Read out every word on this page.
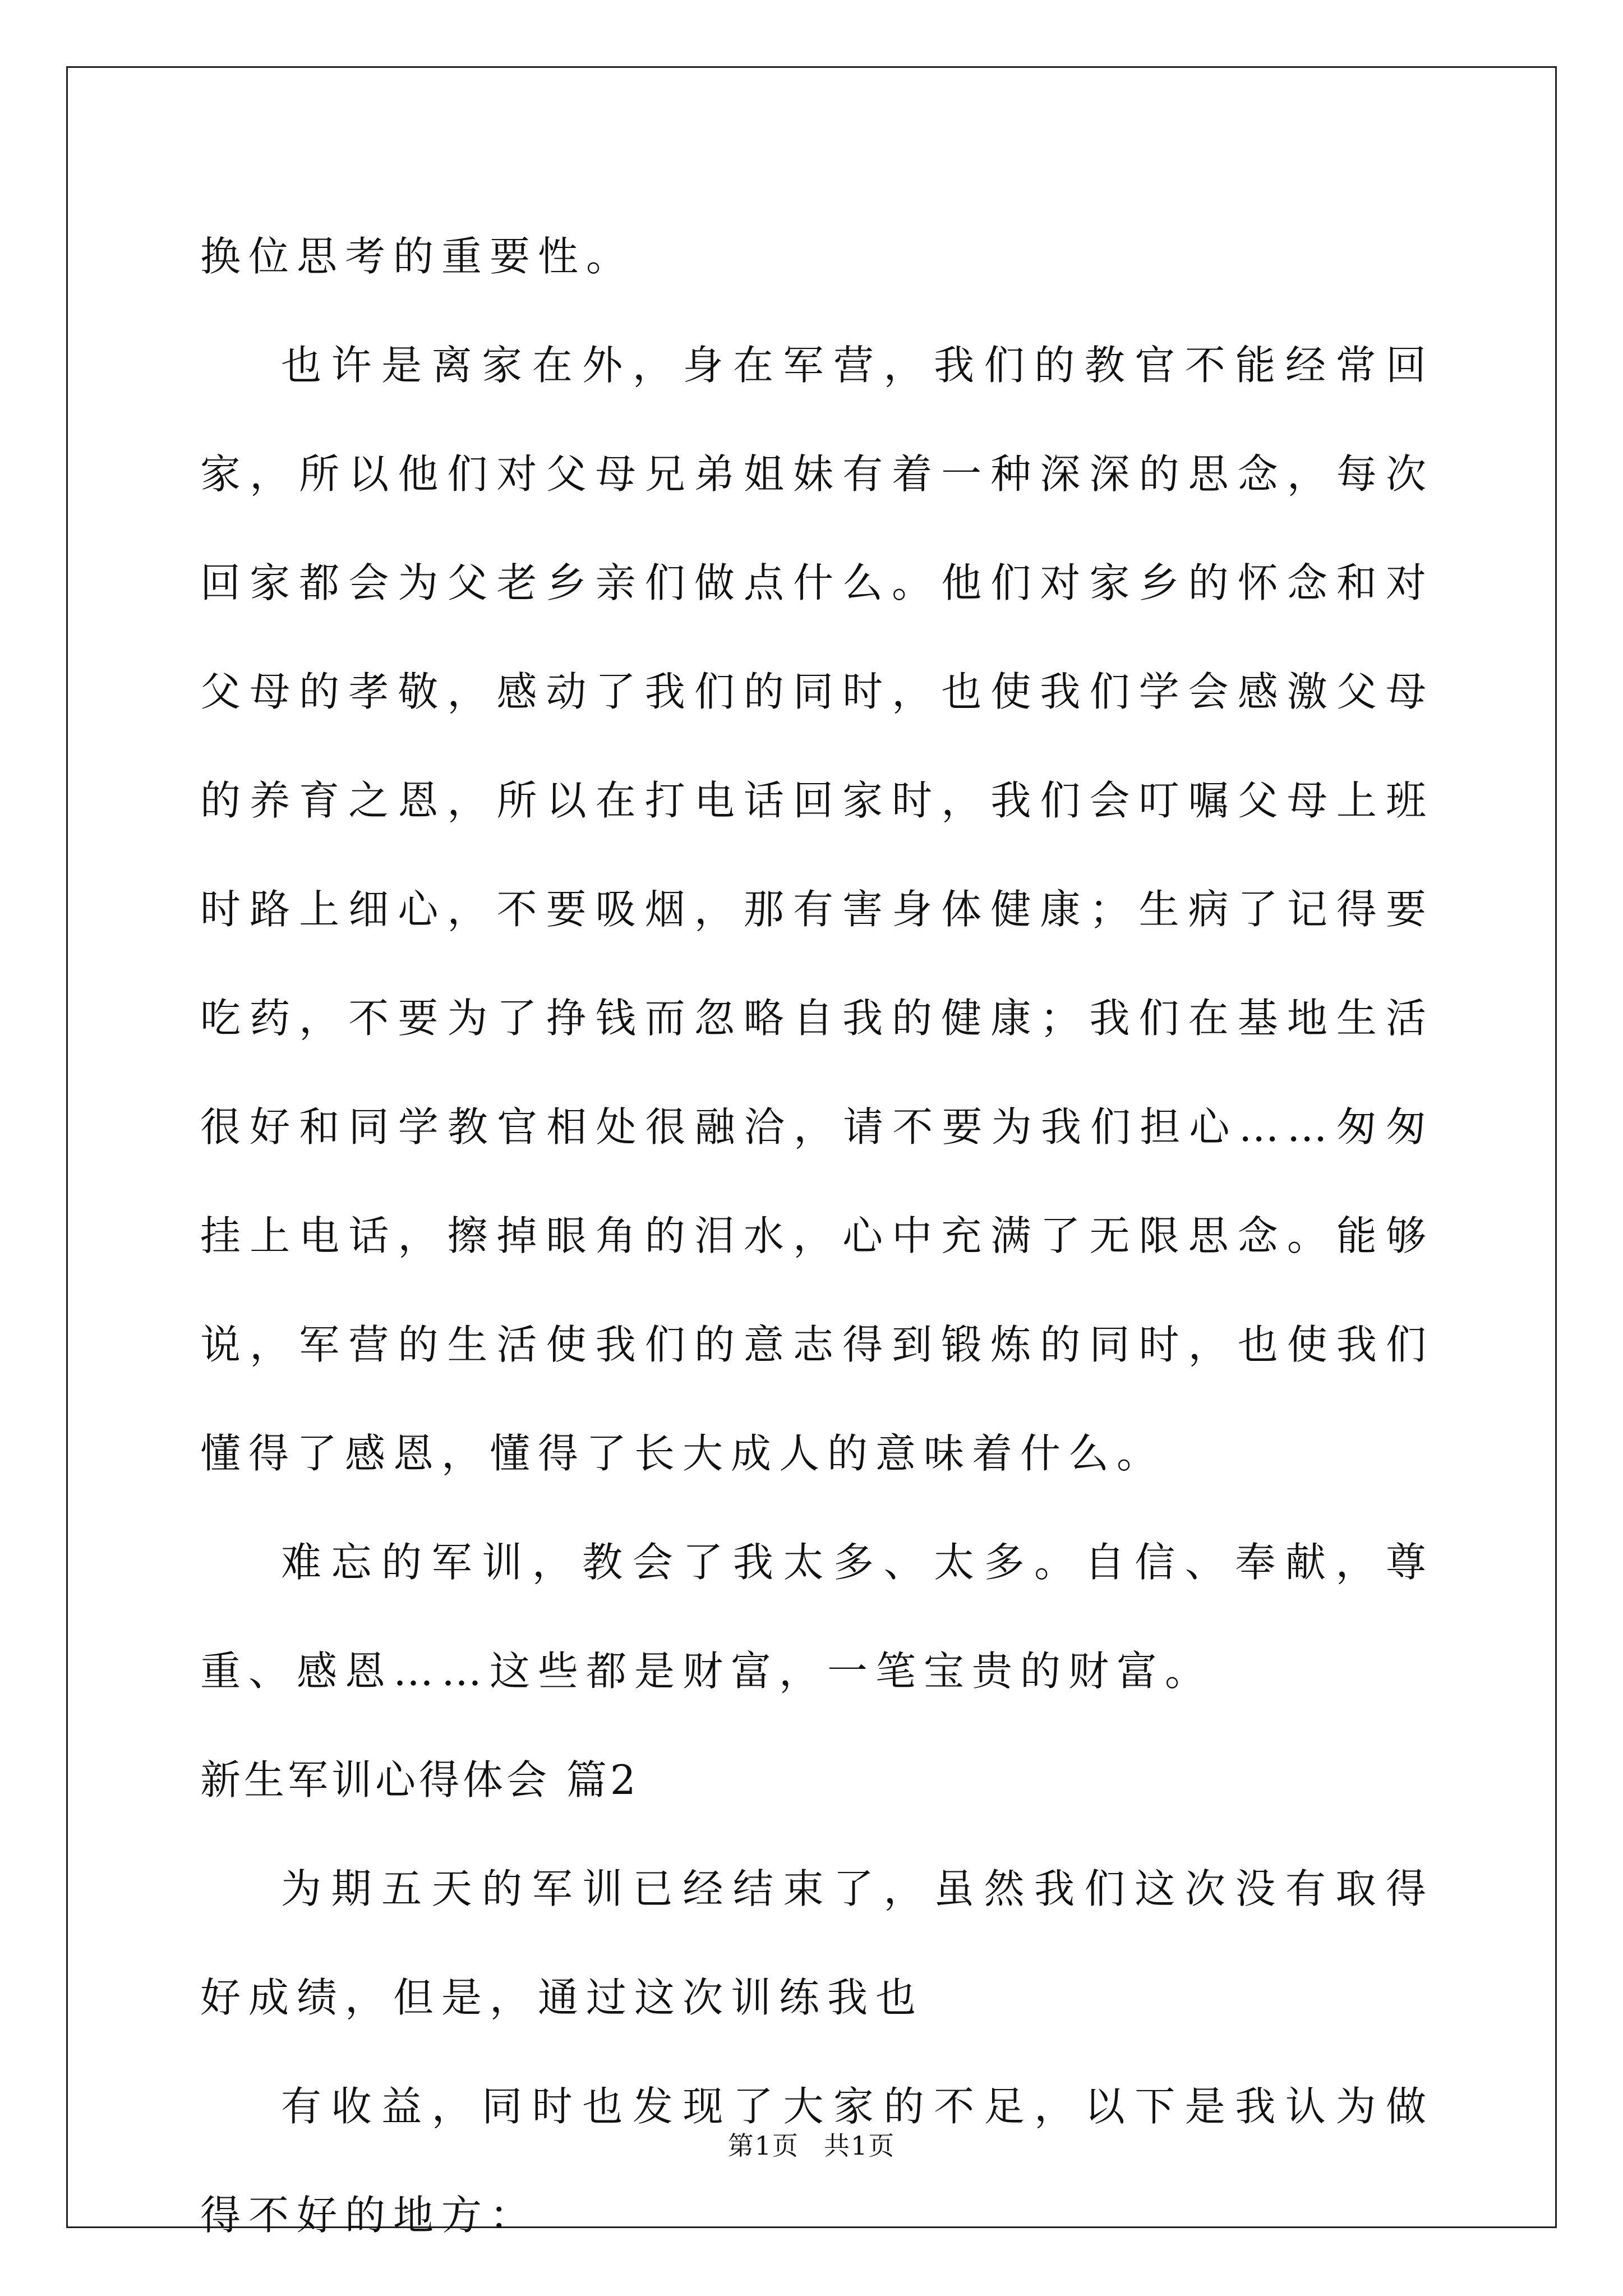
换位思考的重要性。

也许是离家在外，身在军营，我们的教官不能经常回家，所以他们对父母兄弟姐妹有着一种深深的思念，每次回家都会为父老乡亲们做点什么。他们对家乡的怀念和对父母的孝敬，感动了我们的同时，也使我们学会感激父母的养育之恩，所以在打电话回家时，我们会叮嘱父母上班时路上细心，不要吸烟，那有害身体健康；生病了记得要吃药，不要为了挣钱而忽略自我的健康；我们在基地生活很好和同学教官相处很融洽，请不要为我们担心……匆匆挂上电话，擦掉眼角的泪水，心中充满了无限思念。能够说，军营的生活使我们的意志得到锻炼的同时，也使我们懂得了感恩，懂得了长大成人的意味着什么。

难忘的军训，教会了我太多、太多。自信、奉献，尊重、感恩……这些都是财富，一笔宝贵的财富。

新生军训心得体会 篇2

为期五天的军训已经结束了，虽然我们这次没有取得好成绩，但是，通过这次训练我也

有收益，同时也发现了大家的不足，以下是我认为做得不好的地方：

第1页 共1页
